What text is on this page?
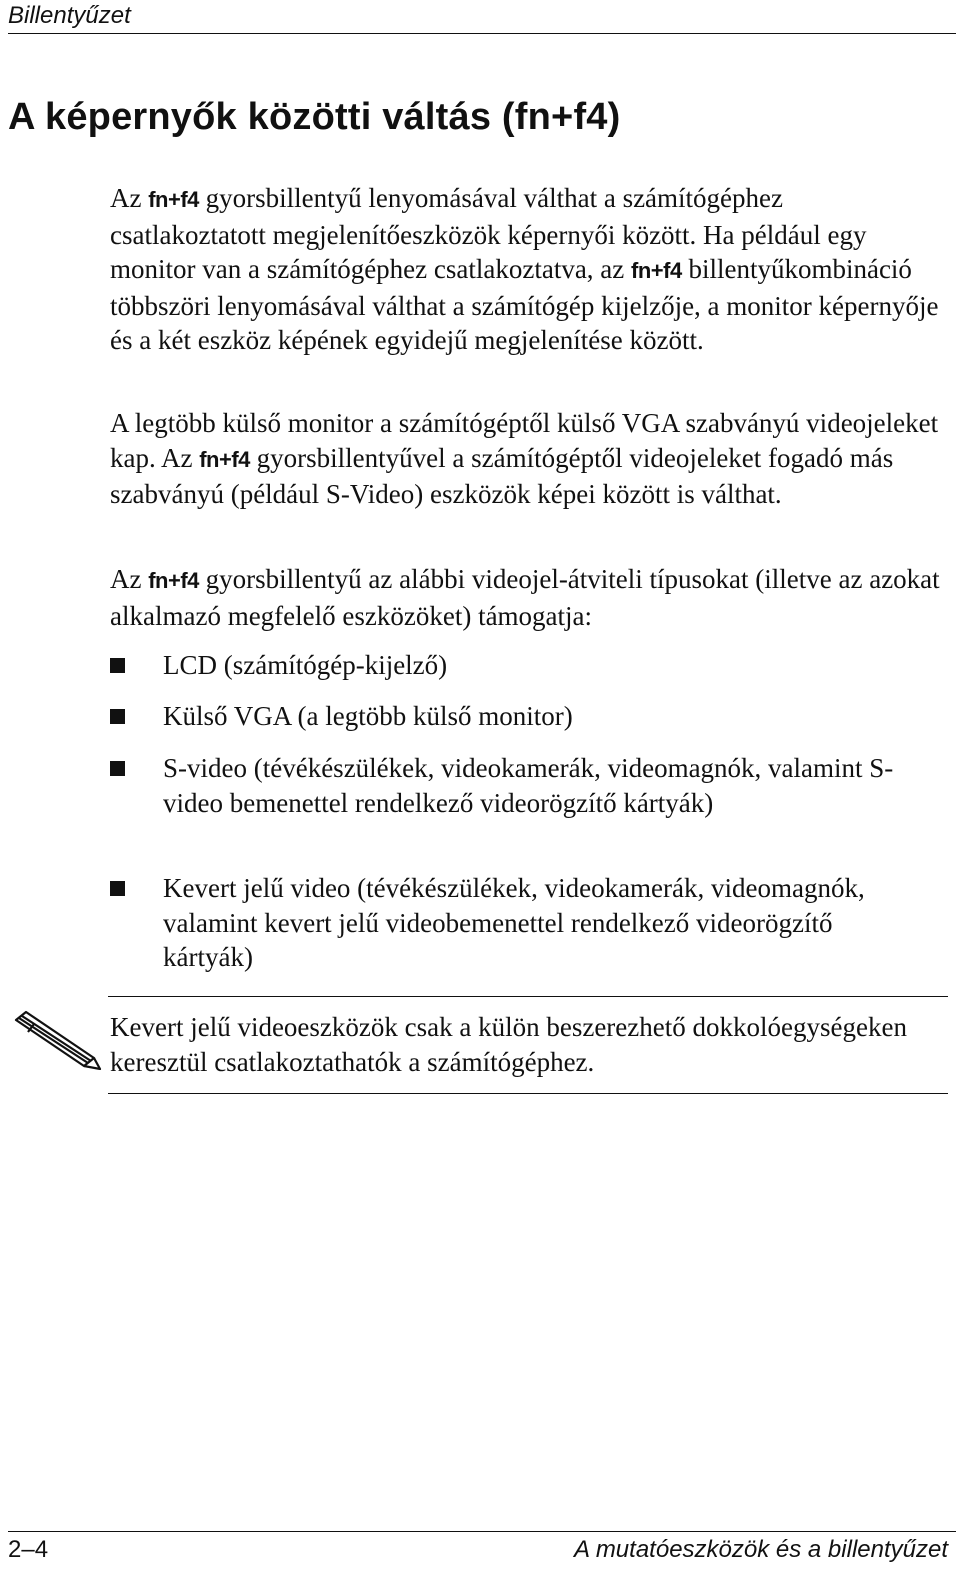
Billentyűzet
A képernyők közötti váltás (fn+f4)

Az fn+f4 gyorsbillentyű lenyomásával válthat a számítógéphez csatlakoztatott megjelenítőeszközök képernyői között. Ha például egy monitor van a számítógéphez csatlakoztatva, az fn+f4 billentyűkombináció többszöri lenyomásával válthat a számítógép kijelzője, a monitor képernyője és a két eszköz képének egyidejű megjelenítése között.

A legtöbb külső monitor a számítógéptől külső VGA szabványú videojeleket kap. Az fn+f4 gyorsbillentyűvel a számítógéptől videojeleket fogadó más szabványú (például S-Video) eszközök képei között is válthat.

Az fn+f4 gyorsbillentyű az alábbi videojel-átviteli típusokat (illetve az azokat alkalmazó megfelelő eszközöket) támogatja:

LCD (számítógép-kijelző)

Külső VGA (a legtöbb külső monitor)

S-video (tévékészülékek, videokamerák, videomagnók, valamint S-video bemenettel rendelkező videorögzítő kártyák)

Kevert jelű video (tévékészülékek, videokamerák, videomagnók, valamint kevert jelű videobemenettel rendelkező videorögzítő kártyák)

Kevert jelű videoeszközök csak a külön beszerezhető dokkolóegységeken keresztül csatlakoztathatók a számítógéphez.

2–4	A mutatóeszközök és a billentyűzet
